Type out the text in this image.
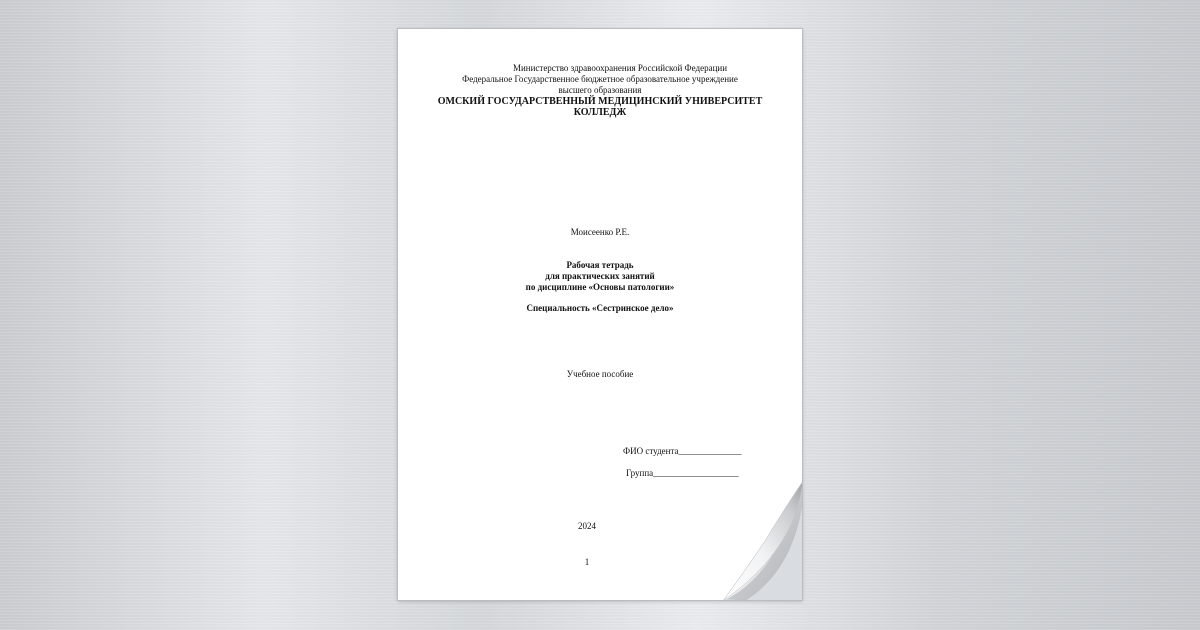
Министерство здравоохранения Российской Федерации
Федеральное Государственное бюджетное образовательное учреждение
высшего образования
ОМСКИЙ ГОСУДАРСТВЕННЫЙ МЕДИЦИНСКИЙ УНИВЕРСИТЕТ
КОЛЛЕДЖ
Моисеенко Р.Е.
Рабочая тетрадь
для практических занятий
по дисциплине «Основы патологии»
Специальность «Сестринское дело»
Учебное пособие
ФИО студента______________
Группа___________________
2024
1
